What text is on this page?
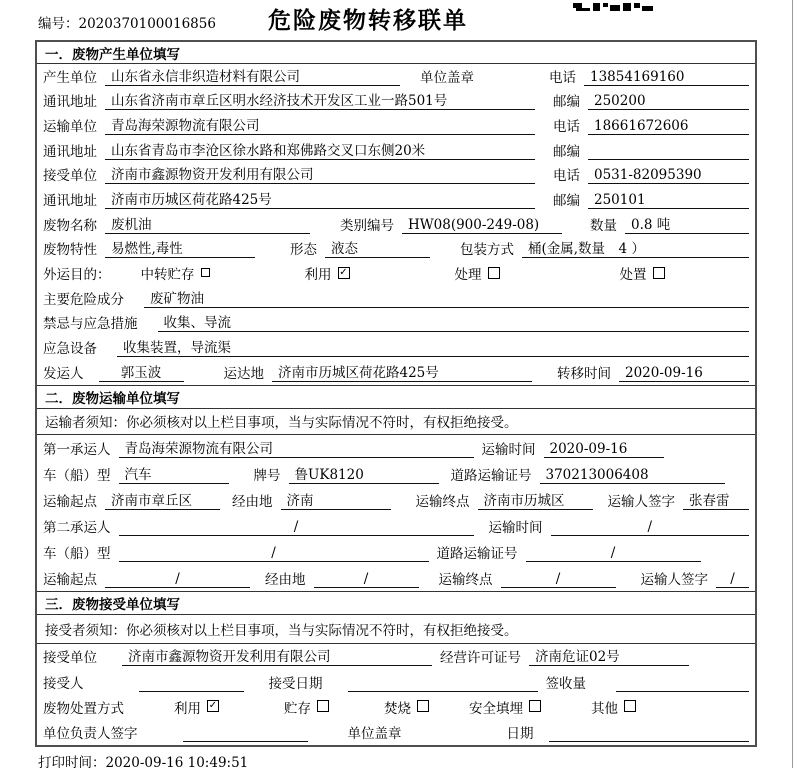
编号：2020370100016856	危险废物转移联单
一．废物产生单位填写
产生单位	山东省永信非织造材料有限公司	单位盖章	电话	13854169160
通讯地址	山东省济南市章丘区明水经济技术开发区工业一路501号	邮编	250200
运输单位	青岛海荣源物流有限公司	电话	18661672606
通讯地址	山东省青岛市李沧区徐水路和郑佛路交叉口东侧20米	邮编
接受单位	济南市鑫源物资开发利用有限公司	电话	0531-82095390
通讯地址	济南市历城区荷花路425号	邮编	250101
废物名称	废机油	类别编号	HW08(900-249-08)	数量	0.8 吨
废物特性	易燃性,毒性	形态	液态	包装方式	桶(金属,数量　4 ）
外运目的： 中转贮存	利用 ✓	处理	处置
主要危险成分	废矿物油
禁忌与应急措施	收集、导流
应急设备	收集装置，导流渠
发运人	郭玉波	运达地	济南市历城区荷花路425号	转移时间	2020-09-16
二．废物运输单位填写
运输者须知：你必须核对以上栏目事项，当与实际情况不符时，有权拒绝接受。
第一承运人	青岛海荣源物流有限公司	运输时间	2020-09-16
车（船）型	汽车	牌号	鲁UK8120	道路运输证号	370213006408
运输起点	济南市章丘区	经由地	济南	运输终点	济南市历城区	运输人签字	张春雷
第二承运人	/	运输时间	/
车（船）型	/	道路运输证号	/
运输起点	/	经由地	/	运输终点	/	运输人签字	/
三．废物接受单位填写
接受者须知：你必须核对以上栏目事项，当与实际情况不符时，有权拒绝接受。
接受单位	济南市鑫源物资开发利用有限公司	经营许可证号	济南危证02号
接受人	接受日期	签收量
废物处置方式	利用 ✓	贮存	焚烧	安全填埋	其他
单位负责人签字	单位盖章	日期
打印时间：2020-09-16 10:49:51
